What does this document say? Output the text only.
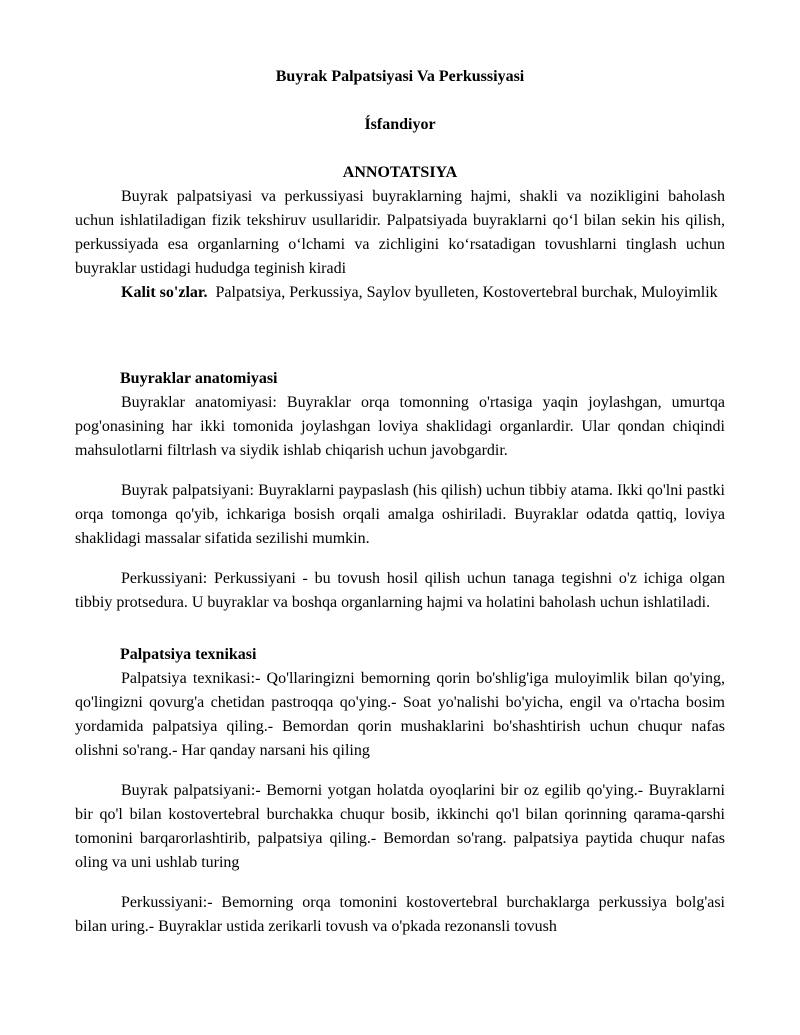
Buyrak Palpatsiyasi Va Perkussiyasi
Ísfandiyor
ANNOTATSIYA

Buyrak palpatsiyasi va perkussiyasi buyraklarning hajmi, shakli va nozikligini baholash uchun ishlatiladigan fizik tekshiruv usullaridir. Palpatsiyada buyraklarni qo‘l bilan sekin his qilish, perkussiyada esa organlarning o‘lchami va zichligini ko‘rsatadigan tovushlarni tinglash uchun buyraklar ustidagi hududga teginish kiradi

Kalit so'zlar. Palpatsiya, Perkussiya, Saylov byulleten, Kostovertebral burchak, Muloyimlik

Buyraklar anatomiyasi

Buyraklar anatomiyasi: Buyraklar orqa tomonning o'rtasiga yaqin joylashgan, umurtqa pog'onasining har ikki tomonida joylashgan loviya shaklidagi organlardir. Ular qondan chiqindi mahsulotlarni filtrlash va siydik ishlab chiqarish uchun javobgardir.

Buyrak palpatsiyani: Buyraklarni paypaslash (his qilish) uchun tibbiy atama. Ikki qo'lni pastki orqa tomonga qo'yib, ichkariga bosish orqali amalga oshiriladi. Buyraklar odatda qattiq, loviya shaklidagi massalar sifatida sezilishi mumkin.

Perkussiyani: Perkussiyani - bu tovush hosil qilish uchun tanaga tegishni o'z ichiga olgan tibbiy protsedura. U buyraklar va boshqa organlarning hajmi va holatini baholash uchun ishlatiladi.

Palpatsiya texnikasi

Palpatsiya texnikasi:- Qo'llaringizni bemorning qorin bo'shlig'iga muloyimlik bilan qo'ying, qo'lingizni qovurg'a chetidan pastroqqa qo'ying.- Soat yo'nalishi bo'yicha, engil va o'rtacha bosim yordamida palpatsiya qiling.- Bemordan qorin mushaklarini bo'shashtirish uchun chuqur nafas olishni so'rang.- Har qanday narsani his qiling

Buyrak palpatsiyani:- Bemorni yotgan holatda oyoqlarini bir oz egilib qo'ying.- Buyraklarni bir qo'l bilan kostovertebral burchakka chuqur bosib, ikkinchi qo'l bilan qorinning qarama-qarshi tomonini barqarorlashtirib, palpatsiya qiling.- Bemordan so'rang. palpatsiya paytida chuqur nafas oling va uni ushlab turing

Perkussiyani:- Bemorning orqa tomonini kostovertebral burchaklarga perkussiya bolg'asi bilan uring.- Buyraklar ustida zerikarli tovush va o'pkada rezonansli tovush
